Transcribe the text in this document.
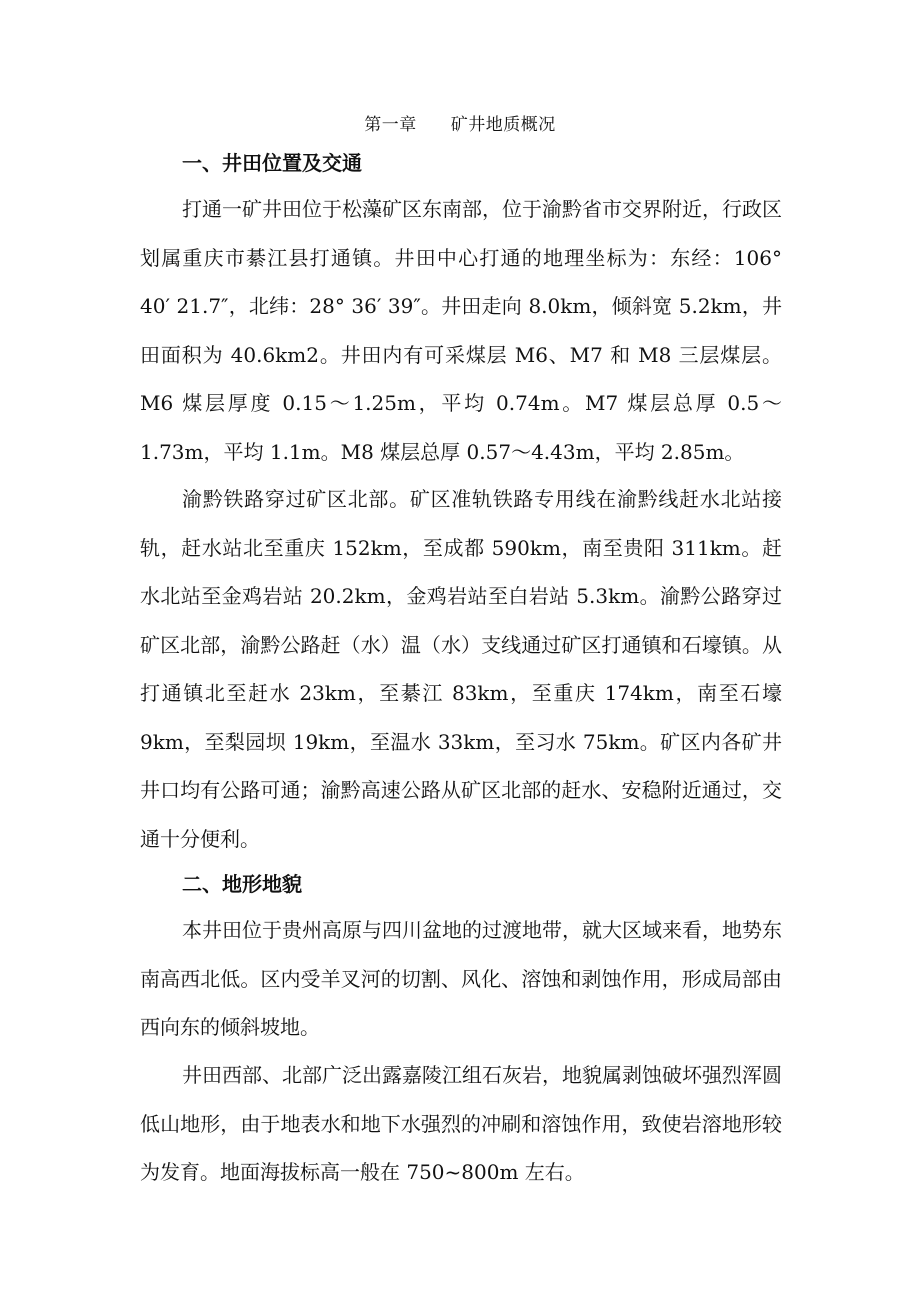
第一章 矿井地质概况
一、井田位置及交通

打通一矿井田位于松藻矿区东南部，位于渝黔省市交界附近，行政区划属重庆市綦江县打通镇。井田中心打通的地理坐标为：东经：106° 40′ 21.7″，北纬：28° 36′ 39″。井田走向 8.0km，倾斜宽 5.2km，井田面积为 40.6km2。井田内有可采煤层 M6、M7 和 M8 三层煤层。M6 煤层厚度 0.15～1.25m，平均 0.74m。M7 煤层总厚 0.5～1.73m，平均 1.1m。M8 煤层总厚 0.57～4.43m，平均 2.85m。

渝黔铁路穿过矿区北部。矿区准轨铁路专用线在渝黔线赶水北站接轨，赶水站北至重庆 152km，至成都 590km，南至贵阳 311km。赶水北站至金鸡岩站 20.2km，金鸡岩站至白岩站 5.3km。渝黔公路穿过矿区北部，渝黔公路赶（水）温（水）支线通过矿区打通镇和石壕镇。从打通镇北至赶水 23km，至綦江 83km，至重庆 174km，南至石壕 9km，至梨园坝 19km，至温水 33km，至习水 75km。矿区内各矿井井口均有公路可通；渝黔高速公路从矿区北部的赶水、安稳附近通过，交通十分便利。

二、地形地貌

本井田位于贵州高原与四川盆地的过渡地带，就大区域来看，地势东南高西北低。区内受羊叉河的切割、风化、溶蚀和剥蚀作用，形成局部由西向东的倾斜坡地。

井田西部、北部广泛出露嘉陵江组石灰岩，地貌属剥蚀破坏强烈浑圆低山地形，由于地表水和地下水强烈的冲刷和溶蚀作用，致使岩溶地形较为发育。地面海拔标高一般在 750~800m 左右。
